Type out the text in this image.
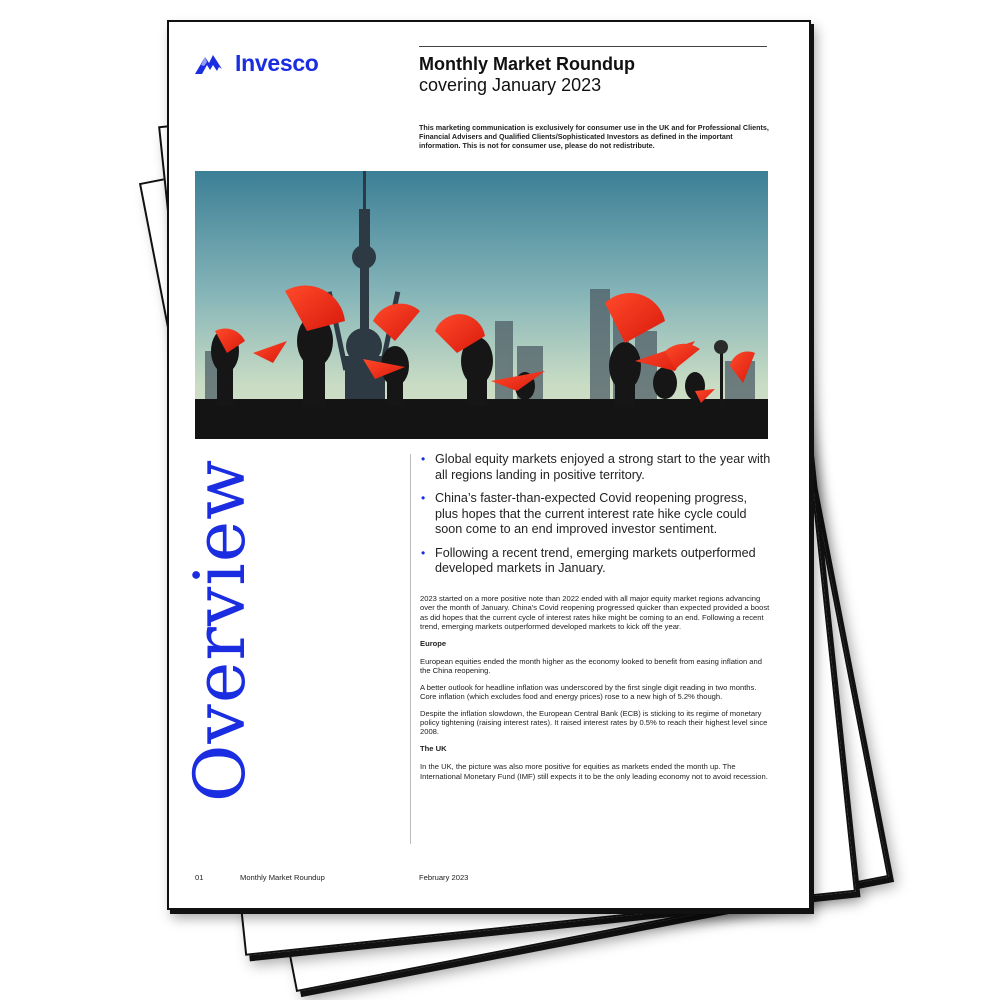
Invesco	Monthly Market Roundup
covering January 2023
This marketing communication is exclusively for consumer use in the UK and for Professional Clients, Financial Advisers and Qualified Clients/Sophisticated Investors as defined in the important information. This is not for consumer use, please do not redistribute.
Overview
•	Global equity markets enjoyed a strong start to the year with all regions landing in positive territory.
• China’s faster-than-expected Covid reopening progress, plus hopes that the current interest rate hike cycle could soon come to an end improved investor sentiment.
• Following a recent trend, emerging markets outperformed developed markets in January.

2023 started on a more positive note than 2022 ended with all major equity market regions advancing over the month of January. China’s Covid reopening progressed quicker than expected provided a boost as did hopes that the current cycle of interest rates hike might be coming to an end. Following a recent trend, emerging markets outperformed developed markets to kick off the year.

Europe

European equities ended the month higher as the economy looked to benefit from easing inflation and the China reopening.

A better outlook for headline inflation was underscored by the first single digit reading in two months. Core inflation (which excludes food and energy prices) rose to a new high of 5.2% though.

Despite the inflation slowdown, the European Central Bank (ECB) is sticking to its regime of monetary policy tightening (raising interest rates). It raised interest rates by 0.5% to reach their highest level since 2008.

The UK

In the UK, the picture was also more positive for equities as markets ended the month up. The International Monetary Fund (IMF) still expects it to be the only leading economy not to avoid recession.

01	Monthly Market Roundup	February 2023
